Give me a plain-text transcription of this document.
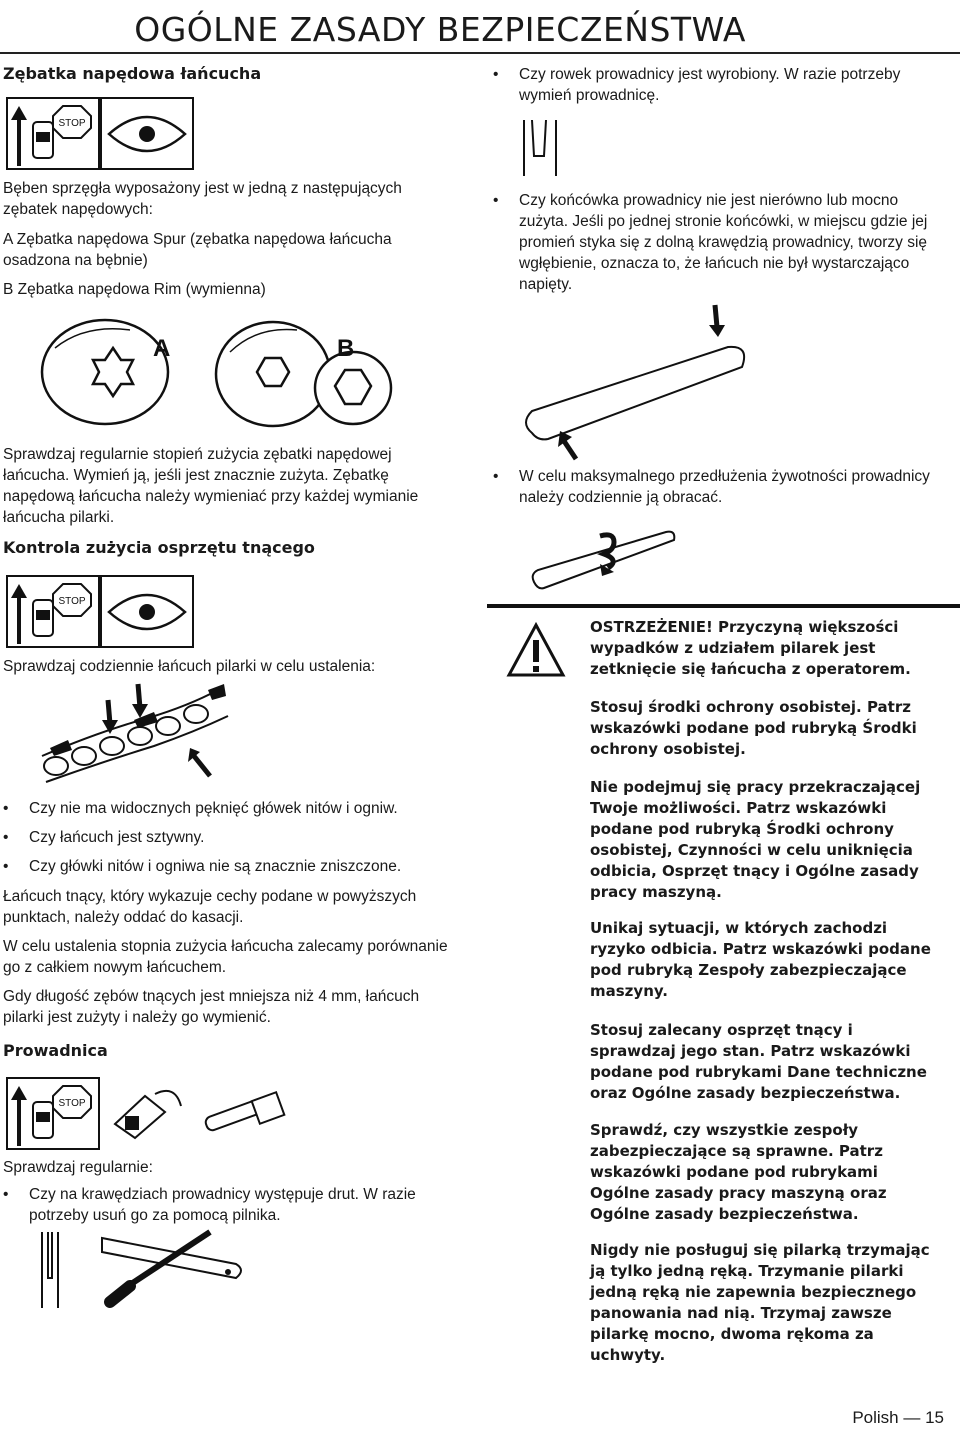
OGÓLNE ZASADY BEZPIECZEŃSTWA
Zębatka napędowa łańcucha
STOP
Bęben sprzęgła wyposażony jest w jedną z następujących zębatek napędowych:
A Zębatka napędowa Spur (zębatka napędowa łańcucha osadzona na bębnie)
B Zębatka napędowa Rim (wymienna)
A	B
Sprawdzaj regularnie stopień zużycia zębatki napędowej łańcucha. Wymień ją, jeśli jest znacznie zużyta. Zębatkę napędową łańcucha należy wymieniać przy każdej wymianie łańcucha pilarki.
Kontrola zużycia osprzętu tnącego
STOP
Sprawdzaj codziennie łańcuch pilarki w celu ustalenia:
• Czy nie ma widocznych pęknięć główek nitów i ogniw.
• Czy łańcuch jest sztywny.
• Czy główki nitów i ogniwa nie są znacznie zniszczone.
Łańcuch tnący, który wykazuje cechy podane w powyższych punktach, należy oddać do kasacji.
W celu ustalenia stopnia zużycia łańcucha zalecamy porównanie go z całkiem nowym łańcuchem.
Gdy długość zębów tnących jest mniejsza niż 4 mm, łańcuch pilarki jest zużyty i należy go wymienić.
Prowadnica
STOP
Sprawdzaj regularnie:
• Czy na krawędziach prowadnicy występuje drut. W razie potrzeby usuń go za pomocą pilnika.
• Czy rowek prowadnicy jest wyrobiony. W razie potrzeby wymień prowadnicę.
• Czy końcówka prowadnicy nie jest nierówno lub mocno zużyta. Jeśli po jednej stronie końcówki, w miejscu gdzie jej promień styka się z dolną krawędzią prowadnicy, tworzy się wgłębienie, oznacza to, że łańcuch nie był wystarczająco napięty.
• W celu maksymalnego przedłużenia żywotności prowadnicy należy codziennie ją obracać.
OSTRZEŻENIE! Przyczyną większości wypadków z udziałem pilarek jest zetknięcie się łańcucha z operatorem.
Stosuj środki ochrony osobistej. Patrz wskazówki podane pod rubryką Środki ochrony osobistej.
Nie podejmuj się pracy przekraczającej Twoje możliwości. Patrz wskazówki podane pod rubryką Środki ochrony osobistej, Czynności w celu uniknięcia odbicia, Osprzęt tnący i Ogólne zasady pracy maszyną.
Unikaj sytuacji, w których zachodzi ryzyko odbicia. Patrz wskazówki podane pod rubryką Zespoły zabezpieczające maszyny.
Stosuj zalecany osprzęt tnący i sprawdzaj jego stan. Patrz wskazówki podane pod rubrykami Dane techniczne oraz Ogólne zasady bezpieczeństwa.
Sprawdź, czy wszystkie zespoły zabezpieczające są sprawne. Patrz wskazówki podane pod rubrykami Ogólne zasady pracy maszyną oraz Ogólne zasady bezpieczeństwa.
Nigdy nie posługuj się pilarką trzymając ją tylko jedną ręką. Trzymanie pilarki jedną ręką nie zapewnia bezpiecznego panowania nad nią. Trzymaj zawsze pilarkę mocno, dwoma rękoma za uchwyty.
Polish — 15
